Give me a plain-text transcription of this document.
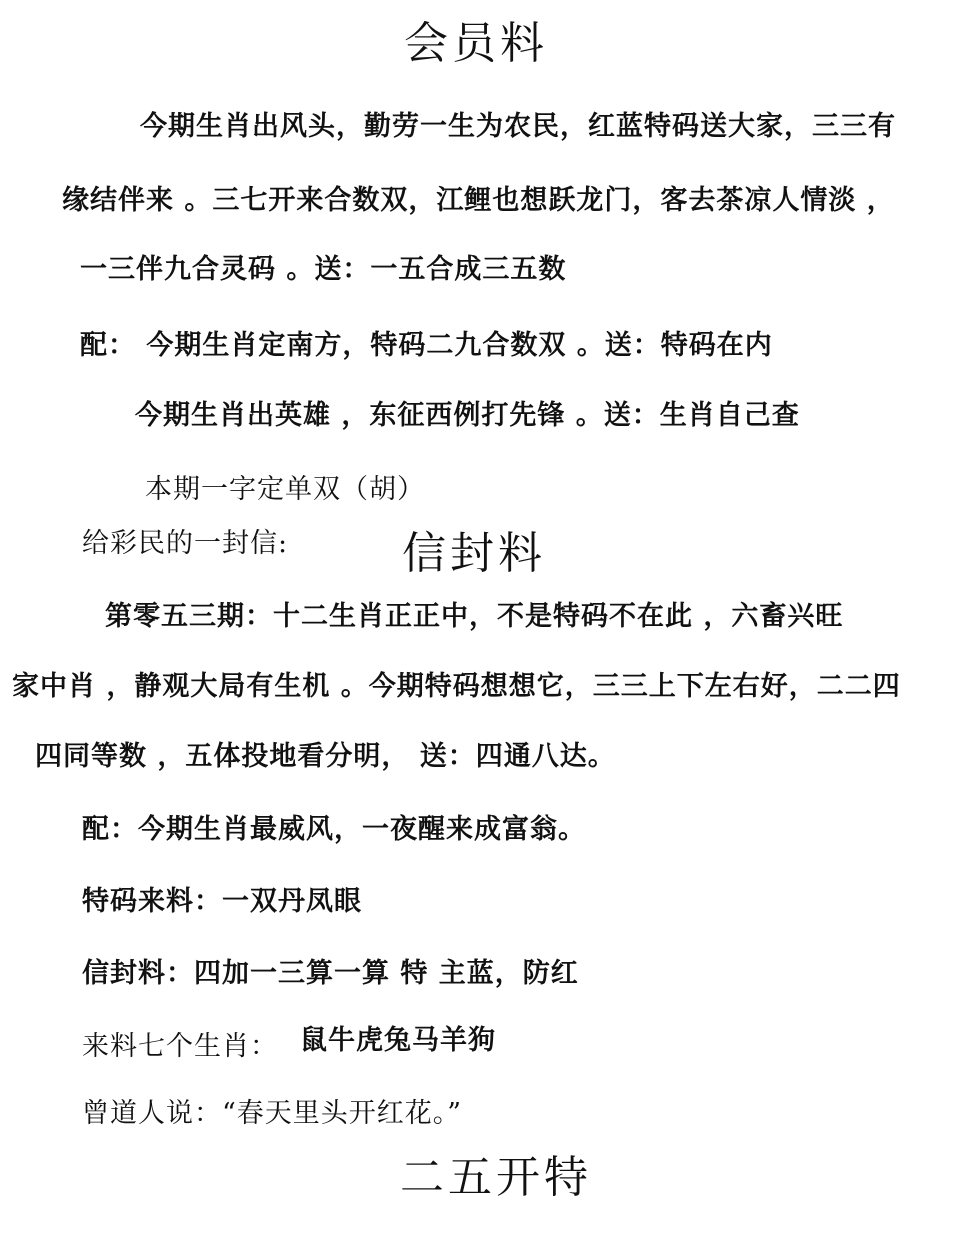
会员料
今期生肖出风头，勤劳一生为农民，红蓝特码送大家，三三有
缘结伴来 。三七开来合数双，江鲤也想跃龙门，客去茶凉人情淡 ，
一三伴九合灵码 。送：一五合成三五数
配： 今期生肖定南方，特码二九合数双 。送：特码在内
今期生肖出英雄 ，东征西例打先锋 。送：生肖自己查
本期一字定单双（胡）
给彩民的一封信:	信封料
第零五三期：十二生肖正正中，不是特码不在此 ，六畜兴旺
家中肖 ，静观大局有生机 。今期特码想想它，三三上下左右好，二二四
四同等数 ，五体投地看分明， 送：四通八达。
配：今期生肖最威风，一夜醒来成富翁。
特码来料：一双丹凤眼
信封料：四加一三算一算 特 主蓝，防红
来料七个生肖： 鼠牛虎兔马羊狗
曾道人说：“春天里头开红花。”
二五开特
